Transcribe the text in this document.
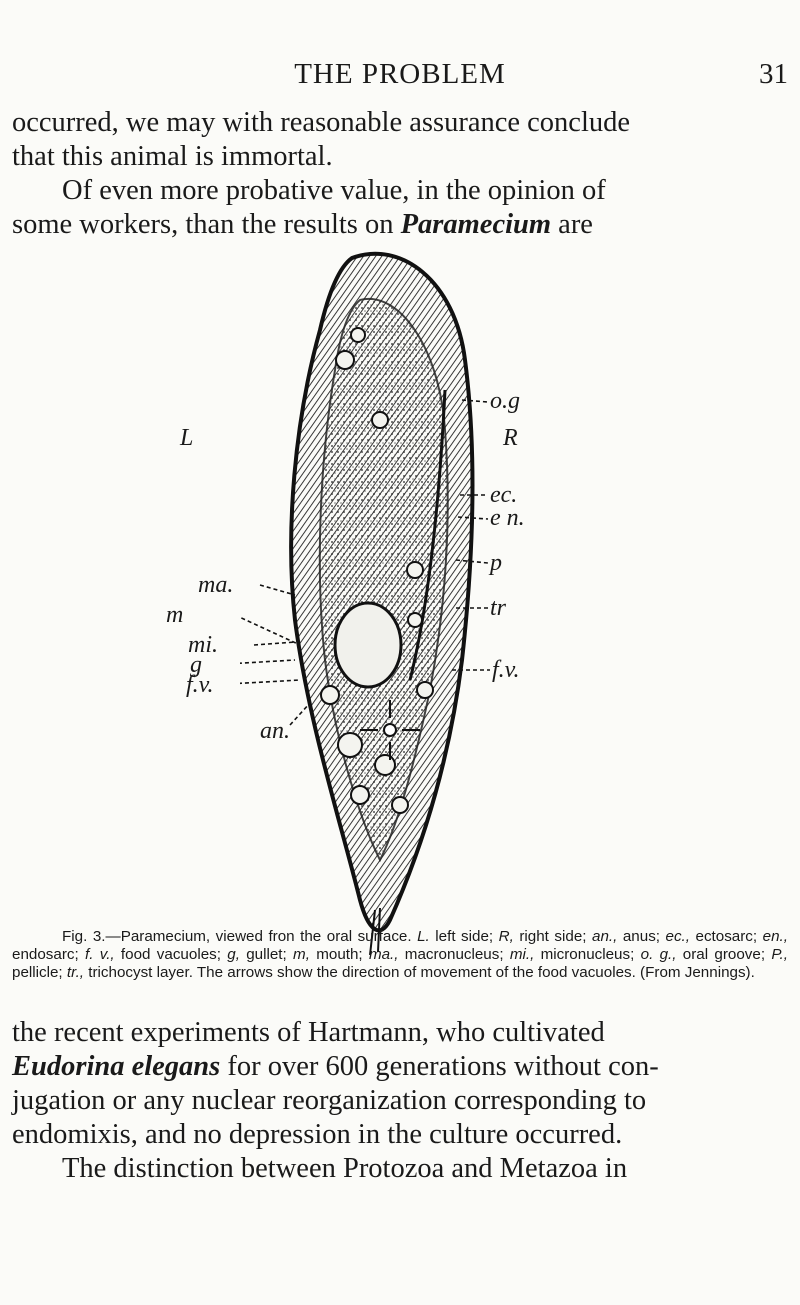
THE PROBLEM	31

occurred, we may with reasonable assurance conclude

that this animal is immortal.

Of even more probative value, in the opinion of

some workers, than the results on Paramecium are

o.g
R
ec.
e n.
p
tr
f.v.
L
ma.
m
mi.
g
f.v.
an.

Fig. 3.—Paramecium, viewed fron the oral surface. L. left side; R, right side; an., anus; ec., ectosarc; en., endosarc; f. v., food vacuoles; g, gullet; m, mouth; ma., macronucleus; mi., micronucleus; o. g., oral groove; P., pellicle; tr., trichocyst layer. The arrows show the direction of movement of the food vacuoles. (From Jennings).

the recent experiments of Hartmann, who cultivated

Eudorina elegans for over 600 generations without con-

jugation or any nuclear reorganization corresponding to

endomixis, and no depression in the culture occurred.

The distinction between Protozoa and Metazoa in
